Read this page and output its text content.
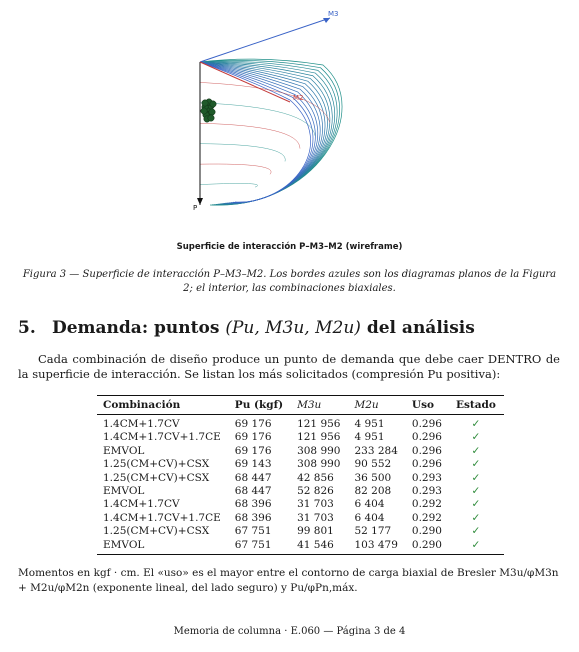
M3
M2
P
Superficie de interacción P–M3–M2 (wireframe)
Figura 3 — Superficie de interacción P–M3–M2. Los bordes azules son los diagramas planos de la Figura 2; el interior, las combinaciones biaxiales.
5. Demanda: puntos (Pu, M3u, M2u) del análisis
Cada combinación de diseño produce un punto de demanda que debe caer DENTRO de la superficie de interacción. Se listan los más solicitados (compresión Pu positiva):
Combinación	Pu (kgf)	M3u	M2u	Uso	Estado
1.4CM+1.7CV	69 176	121 956	4 951	0.296	✓
1.4CM+1.7CV+1.7CE	69 176	121 956	4 951	0.296	✓
EMVOL	69 176	308 990	233 284	0.296	✓
1.25(CM+CV)+CSX	69 143	308 990	90 552	0.296	✓
1.25(CM+CV)+CSX	68 447	42 856	36 500	0.293	✓
EMVOL	68 447	52 826	82 208	0.293	✓
1.4CM+1.7CV	68 396	31 703	6 404	0.292	✓
1.4CM+1.7CV+1.7CE	68 396	31 703	6 404	0.292	✓
1.25(CM+CV)+CSX	67 751	99 801	52 177	0.290	✓
EMVOL	67 751	41 546	103 479	0.290	✓
Momentos en kgf · cm. El «uso» es el mayor entre el contorno de carga biaxial de Bresler M3u/φM3n + M2u/φM2n (exponente lineal, del lado seguro) y Pu/φPn,máx.
Memoria de columna · E.060 — Página 3 de 4
